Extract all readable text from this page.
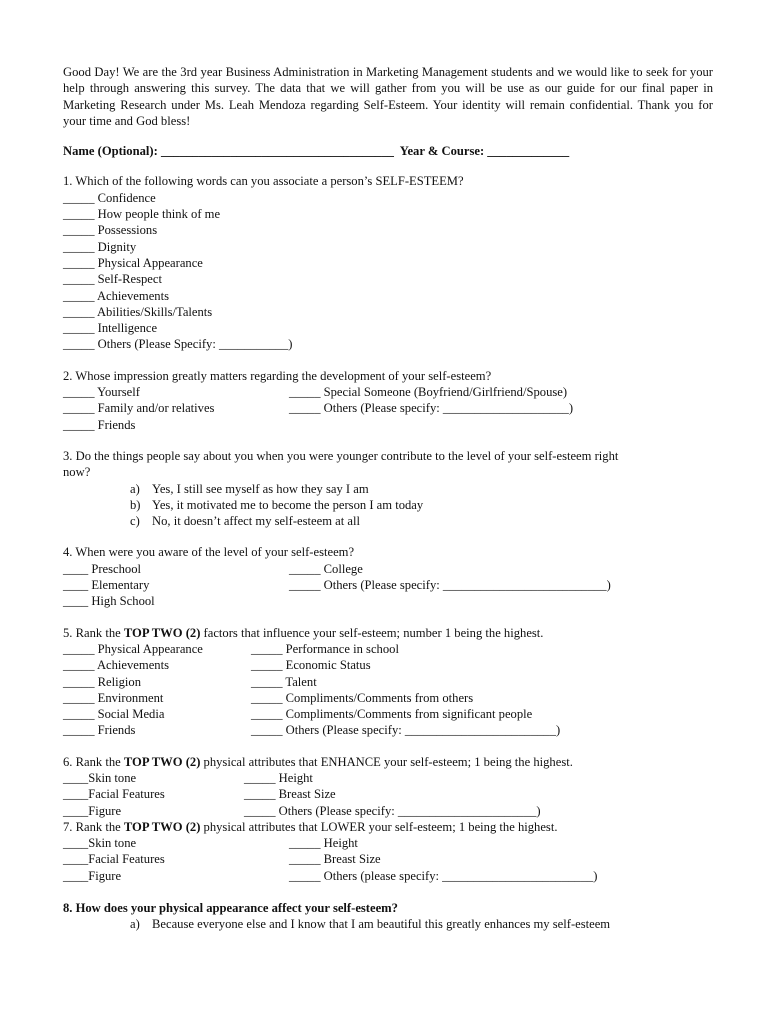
Good Day! We are the 3rd year Business Administration in Marketing Management students and we would like to seek for your help through answering this survey. The data that we will gather from you will be use as our guide for our final paper in Marketing Research under Ms. Leah Mendoza regarding Self-Esteem. Your identity will remain confidential. Thank you for your time and God bless!

Name (Optional): _____________________________________  Year & Course: _____________
1. Which of the following words can you associate a person’s SELF-ESTEEM?
_____ Confidence
_____ How people think of me
_____ Possessions
_____ Dignity
_____ Physical Appearance
_____ Self-Respect
_____ Achievements
_____ Abilities/Skills/Talents
_____ Intelligence
_____ Others (Please Specify: ___________)
2. Whose impression greatly matters regarding the development of your self-esteem?
_____ Yourself
_____ Family and/or relatives
_____ Friends
_____ Special Someone (Boyfriend/Girlfriend/Spouse)
_____ Others (Please specify: ____________________)
3. Do the things people say about you when you were younger contribute to the level of your self-esteem right
now?
a) Yes, I still see myself as how they say I am
b) Yes, it motivated me to become the person I am today
c) No, it doesn’t affect my self-esteem at all
4. When were you aware of the level of your self-esteem?
____ Preschool
____ Elementary
____ High School
_____ College
_____ Others (Please specify: __________________________)
5. Rank the TOP TWO (2) factors that influence your self-esteem; number 1 being the highest.
_____ Physical Appearance
_____ Achievements
_____ Religion
_____ Environment
_____ Social Media
_____ Friends
_____ Performance in school
_____ Economic Status
_____ Talent
_____ Compliments/Comments from others
_____ Compliments/Comments from significant people
_____ Others (Please specify: ________________________)
6. Rank the TOP TWO (2) physical attributes that ENHANCE your self-esteem; 1 being the highest.
____Skin tone
____Facial Features
____Figure
_____ Height
_____ Breast Size
_____ Others (Please specify: ______________________)
7. Rank the TOP TWO (2) physical attributes that LOWER your self-esteem; 1 being the highest.
____Skin tone
____Facial Features
____Figure
_____ Height
_____ Breast Size
_____ Others (please specify: ________________________)
8. How does your physical appearance affect your self-esteem?
a) Because everyone else and I know that I am beautiful this greatly enhances my self-esteem
